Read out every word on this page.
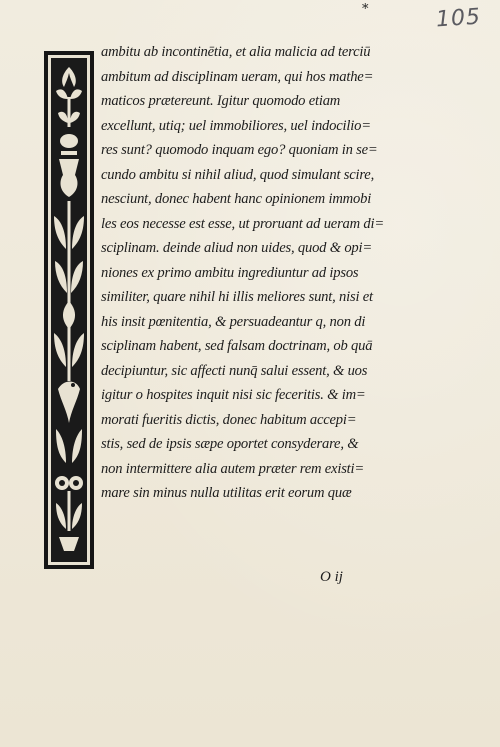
*	105
ambitu ab incontinētia, et alia malicia ad terciū
ambitum ad disciplinam ueram, qui hos mathe=
maticos prætereunt. Igitur quomodo etiam
excellunt, utiq; uel immobiliores, uel indocilio=
res sunt? quomodo inquam ego? quoniam in se=
cundo ambitu si nihil aliud, quod simulant scire,
nesciunt, donec habent hanc opinionem immobi
les eos necesse est esse, ut proruant ad ueram di=
sciplinam. deinde aliud non uides, quod & opi=
niones ex primo ambitu ingrediuntur ad ipsos
similiter, quare nihil hi illis meliores sunt, nisi et
his insit pœnitentia, & persuadeantur q, non di
sciplinam habent, sed falsam doctrinam, ob quā
decipiuntur, sic affecti nunq̄ salui essent, & uos
igitur o hospites inquit nisi sic feceritis. & im=
morati fueritis dictis, donec habitum accepi=
stis, sed de ipsis sæpe oportet consyderare, &
non intermittere alia autem præter rem existi=
mare sin minus nulla utilitas erit eorum quæ
O ij
